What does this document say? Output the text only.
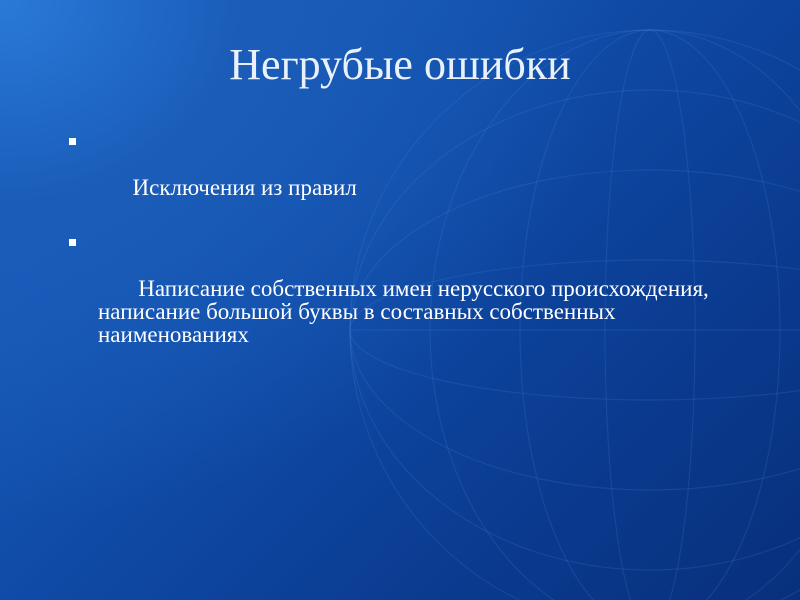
Негрубые ошибки

Исключения из правил

Написание собственных имен нерусского происхождения, написание большой буквы в составных собственных наименованиях
